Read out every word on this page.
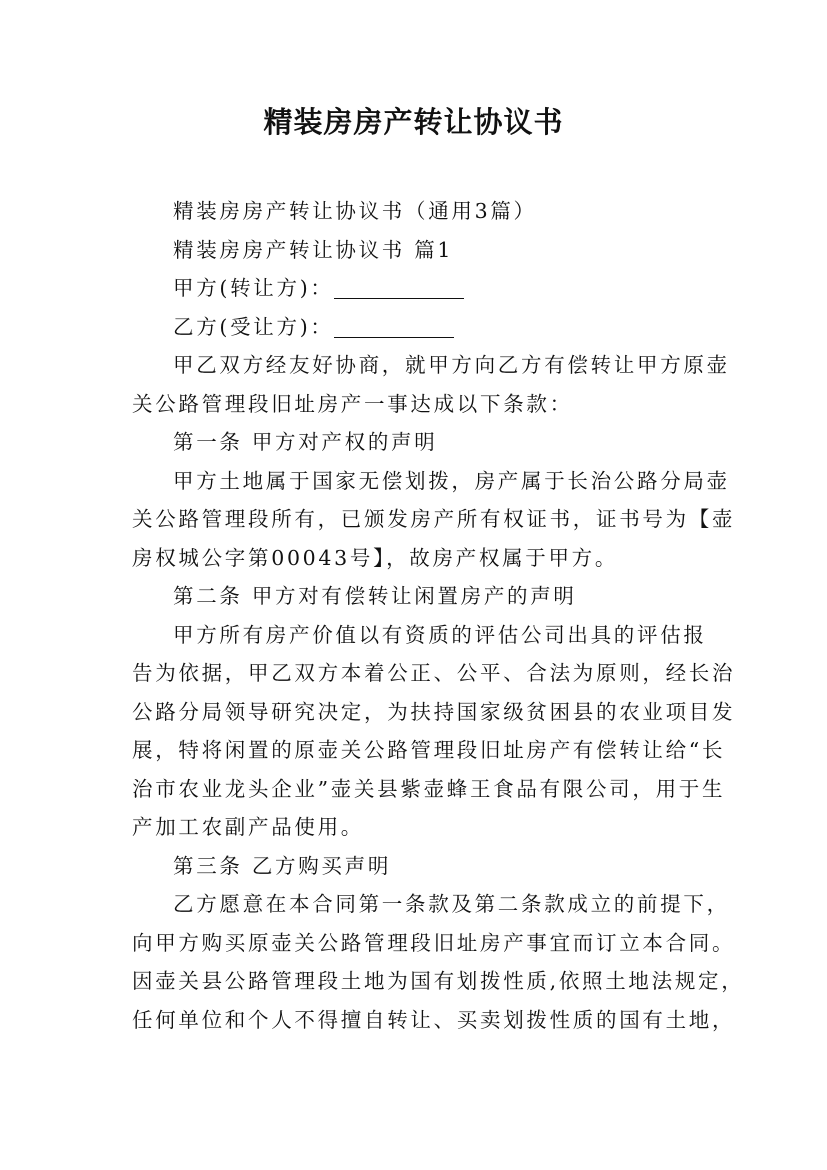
精装房房产转让协议书

精装房房产转让协议书（通用3篇）

精装房房产转让协议书 篇1

甲方(转让方)：

乙方(受让方)：

甲乙双方经友好协商，就甲方向乙方有偿转让甲方原壶

关公路管理段旧址房产一事达成以下条款：

第一条 甲方对产权的声明

甲方土地属于国家无偿划拨，房产属于长治公路分局壶

关公路管理段所有，已颁发房产所有权证书，证书号为【壶

房权城公字第00043号】，故房产权属于甲方。

第二条 甲方对有偿转让闲置房产的声明

甲方所有房产价值以有资质的评估公司出具的评估报

告为依据，甲乙双方本着公正、公平、合法为原则，经长治

公路分局领导研究决定，为扶持国家级贫困县的农业项目发

展，特将闲置的原壶关公路管理段旧址房产有偿转让给“长

治市农业龙头企业”壶关县紫壶蜂王食品有限公司，用于生

产加工农副产品使用。

第三条 乙方购买声明

乙方愿意在本合同第一条款及第二条款成立的前提下，

向甲方购买原壶关公路管理段旧址房产事宜而订立本合同。

因壶关县公路管理段土地为国有划拨性质,依照土地法规定，

任何单位和个人不得擅自转让、买卖划拨性质的国有土地，
